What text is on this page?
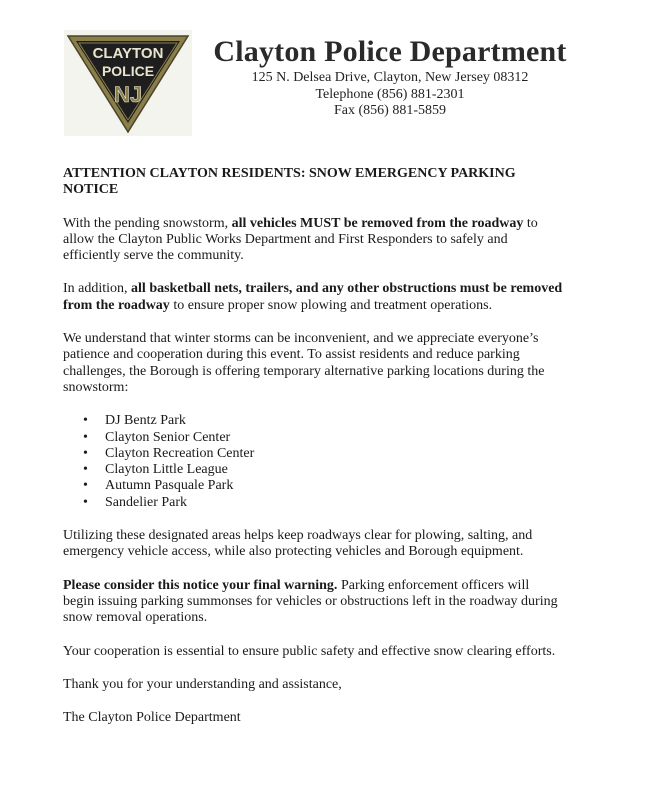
CLAYTON
POLICE
NJ
Clayton Police Department
125 N. Delsea Drive, Clayton, New Jersey 08312
Telephone (856) 881-2301
Fax (856) 881-5859

ATTENTION CLAYTON RESIDENTS: SNOW EMERGENCY PARKING NOTICE

With the pending snowstorm, all vehicles MUST be removed from the roadway to allow the Clayton Public Works Department and First Responders to safely and efficiently serve the community.

In addition, all basketball nets, trailers, and any other obstructions must be removed from the roadway to ensure proper snow plowing and treatment operations.

We understand that winter storms can be inconvenient, and we appreciate everyone’s patience and cooperation during this event. To assist residents and reduce parking challenges, the Borough is offering temporary alternative parking locations during the snowstorm:

• DJ Bentz Park
• Clayton Senior Center
• Clayton Recreation Center
• Clayton Little League
• Autumn Pasquale Park
• Sandelier Park

Utilizing these designated areas helps keep roadways clear for plowing, salting, and emergency vehicle access, while also protecting vehicles and Borough equipment.

Please consider this notice your final warning. Parking enforcement officers will begin issuing parking summonses for vehicles or obstructions left in the roadway during snow removal operations.

Your cooperation is essential to ensure public safety and effective snow clearing efforts.

Thank you for your understanding and assistance,

The Clayton Police Department
